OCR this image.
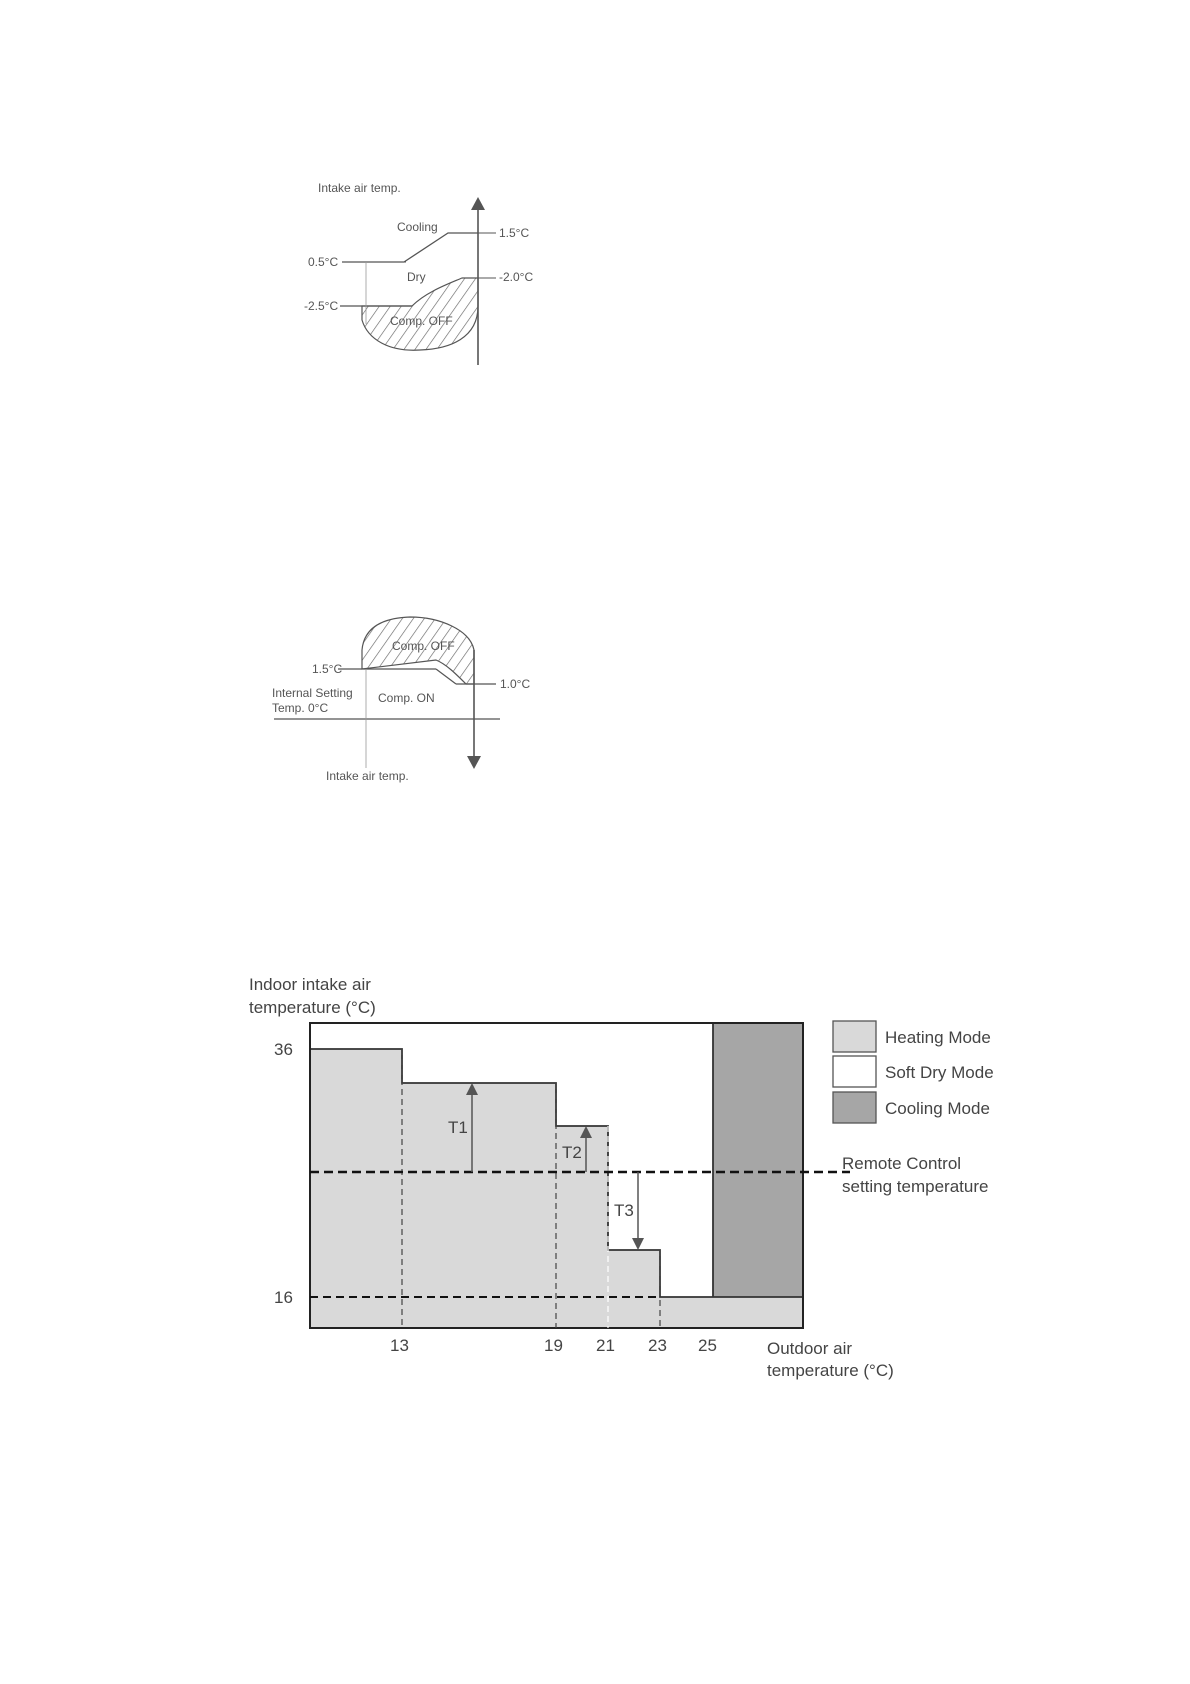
Intake air temp.
Cooling
Dry
Comp. OFF
1.5°C
-2.0°C
0.5°C
-2.5°C
Comp. OFF
Comp. ON
1.5°C
1.0°C
Internal Setting
Temp. 0°C
Intake air temp.
T1
T2
T3
Indoor intake air
temperature (°C)
Outdoor air
temperature (°C)
36
16
13	19 21 23 25
Heating Mode
Soft Dry Mode
Cooling Mode
Remote Control
setting temperature
